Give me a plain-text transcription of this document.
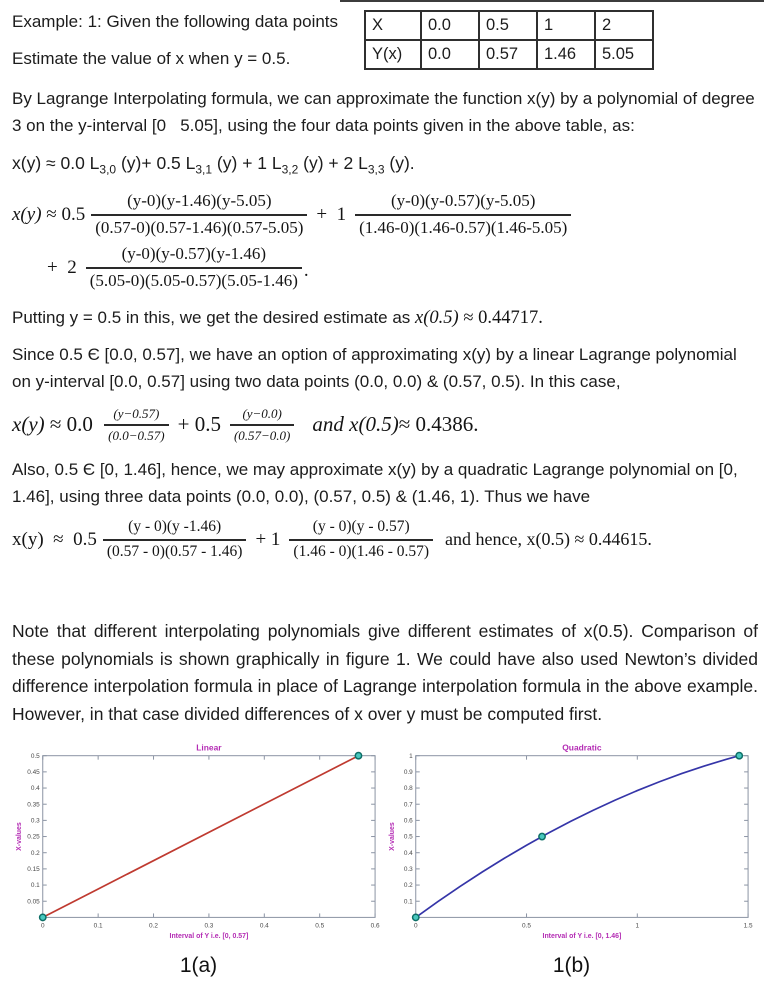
Example: 1: Given the following data points
Estimate the value of x when y = 0.5.
X	0.0	0.5	1	2
Y(x)	0.0	0.57	1.46	5.05
By Lagrange Interpolating formula, we can approximate the function x(y) by a polynomial of degree 3 on the y-interval [0   5.05], using the four data points given in the above table, as:
x(y) ≈ 0.0 $L_{3,0}$ (y)+ 0.5 $L_{3,1}$ (y) + 1 $L_{3,2}$ (y) + 2 $L_{3,3}$ (y).
$x(y) \approx 0.5 \frac{(y-0)(y-1.46)(y-5.05)}{(0.57-0)(0.57-1.46)(0.57-5.05)} + 1 \frac{(y-0)(y-0.57)(y-5.05)}{(1.46-0)(1.46-0.57)(1.46-5.05)}$
+  $2 \frac{(y-0)(y-0.57)(y-1.46)}{(5.05-0)(5.05-0.57)(5.05-1.46)}$ .
Putting y = 0.5 in this, we get the desired estimate as x(0.5) ≈ 0.44717.
Since 0.5 Є [0.0, 0.57], we have an option of approximating x(y) by a linear Lagrange polynomial on y-interval [0.0, 0.57] using two data points (0.0, 0.0) & (0.57, 0.5). In this case,
$x(y) \approx 0.0 \frac{(y-0.57)}{(0.0-0.57)} + 0.5 \frac{(y-0.0)}{(0.57-0.0)}$ and x(0.5) ≈ 0.4386.
Also, 0.5 Є [0, 1.46], hence, we may approximate x(y) by a quadratic Lagrange polynomial on [0, 1.46], using three data points (0.0, 0.0), (0.57, 0.5) & (1.46, 1). Thus we have
$x(y) \approx 0.5 \frac{(y - 0)(y -1.46)}{(0.57 - 0)(0.57 - 1.46)} + 1 \frac{(y - 0)(y - 0.57)}{(1.46 - 0)(1.46 - 0.57)}$ and hence, x(0.5) ≈ 0.44615.
Note that different interpolating polynomials give different estimates of x(0.5). Comparison of these polynomials is shown graphically in figure 1. We could have also used Newton’s divided difference interpolation formula in place of Lagrange interpolation formula in the above example. However, in that case divided differences of x over y must be computed first.
0	0.1	0.2	0.3	0.4	0.5	0.6
0.05
0.1
0.15
0.2
0.25
0.3
0.35
0.4
0.45
0.5
Linear
Interval of Y i.e. [0, 0.57]
X-values
0	0.5	1	1.5
0.1
0.2
0.3
0.4
0.5
0.6
0.7
0.8
0.9
1
Quadratic
Interval of Y i.e. [0, 1.46]
X-values
1(a)	1(b)
